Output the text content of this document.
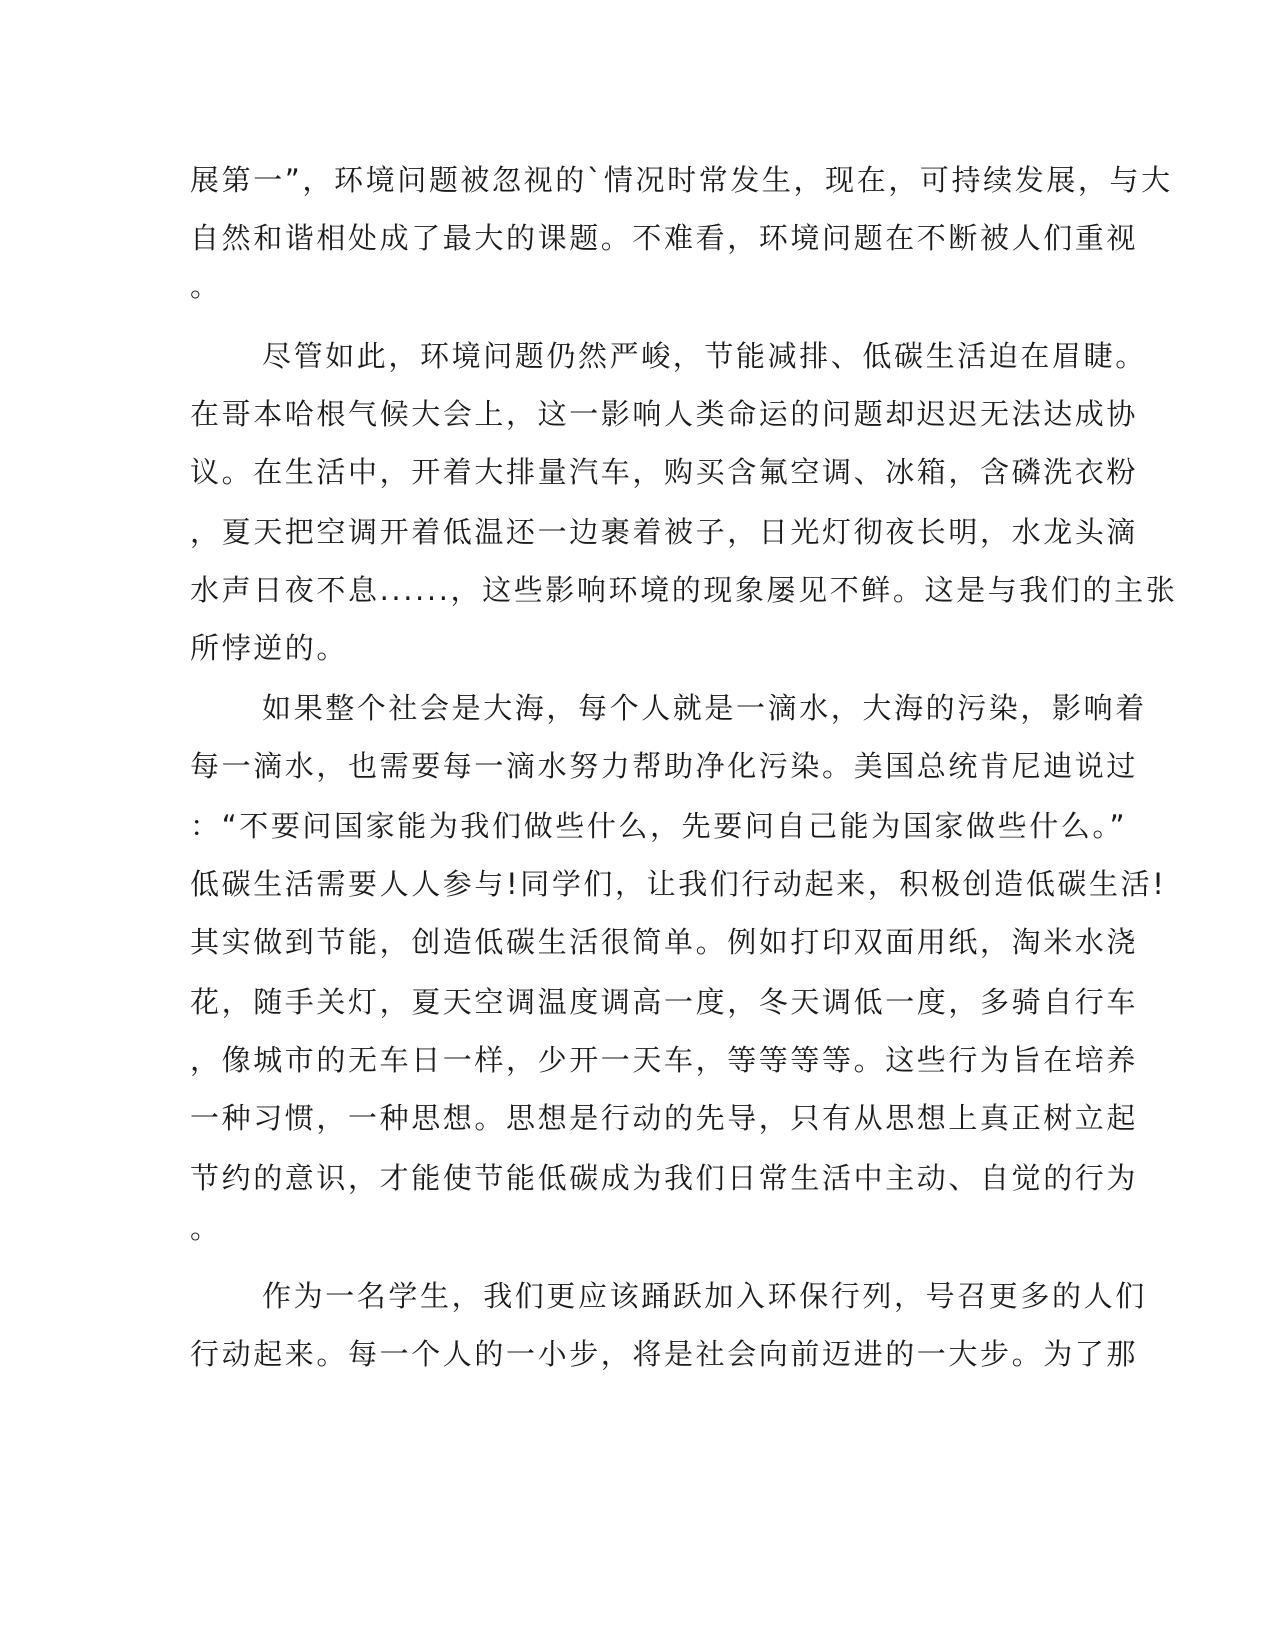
展第一”，环境问题被忽视的`情况时常发生，现在，可持续发展，与大
自然和谐相处成了最大的课题。不难看，环境问题在不断被人们重视
。
尽管如此，环境问题仍然严峻，节能减排、低碳生活迫在眉睫。
在哥本哈根气候大会上，这一影响人类命运的问题却迟迟无法达成协
议。在生活中，开着大排量汽车，购买含氟空调、冰箱，含磷洗衣粉
，夏天把空调开着低温还一边裹着被子，日光灯彻夜长明，水龙头滴
水声日夜不息......，这些影响环境的现象屡见不鲜。这是与我们的主张
所悖逆的。
如果整个社会是大海，每个人就是一滴水，大海的污染，影响着
每一滴水，也需要每一滴水努力帮助净化污染。美国总统肯尼迪说过
：“不要问国家能为我们做些什么，先要问自己能为国家做些什么。”
低碳生活需要人人参与!同学们，让我们行动起来，积极创造低碳生活!
其实做到节能，创造低碳生活很简单。例如打印双面用纸，淘米水浇
花，随手关灯，夏天空调温度调高一度，冬天调低一度，多骑自行车
，像城市的无车日一样，少开一天车，等等等等。这些行为旨在培养
一种习惯，一种思想。思想是行动的先导，只有从思想上真正树立起
节约的意识，才能使节能低碳成为我们日常生活中主动、自觉的行为
。
作为一名学生，我们更应该踊跃加入环保行列，号召更多的人们
行动起来。每一个人的一小步，将是社会向前迈进的一大步。为了那
